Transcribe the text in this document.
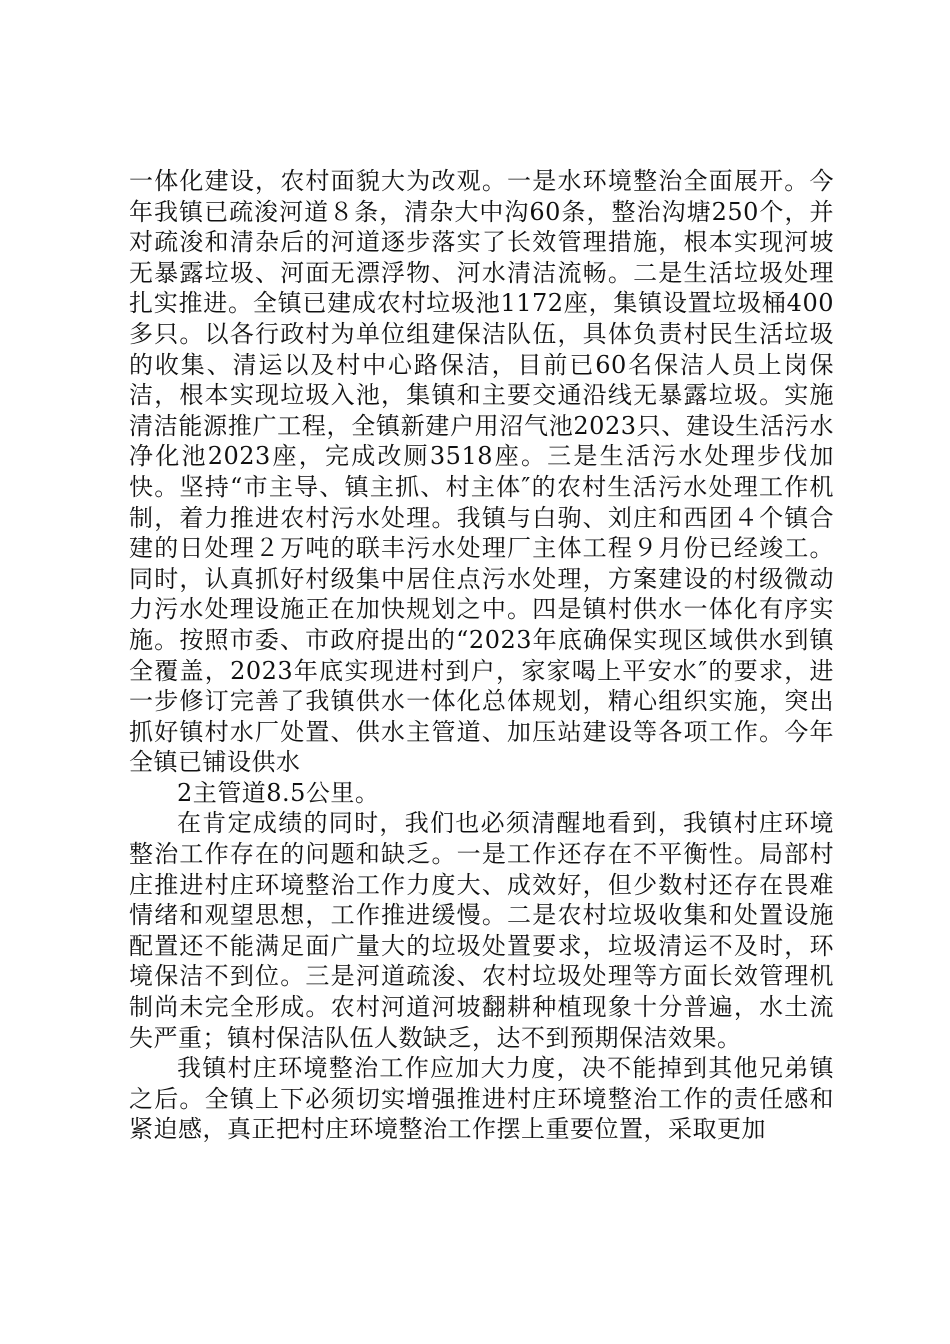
一体化建设，农村面貌大为改观。一是水环境整治全面展开。今年我镇已疏浚河道８条，清杂大中沟60条，整治沟塘250个，并对疏浚和清杂后的河道逐步落实了长效管理措施，根本实现河坡无暴露垃圾、河面无漂浮物、河水清洁流畅。二是生活垃圾处理扎实推进。全镇已建成农村垃圾池1172座，集镇设置垃圾桶400多只。以各行政村为单位组建保洁队伍，具体负责村民生活垃圾的收集、清运以及村中心路保洁，目前已60名保洁人员上岗保洁，根本实现垃圾入池，集镇和主要交通沿线无暴露垃圾。实施清洁能源推广工程，全镇新建户用沼气池2023只、建设生活污水净化池2023座，完成改厕3518座。三是生活污水处理步伐加快。坚持“市主导、镇主抓、村主体″的农村生活污水处理工作机制，着力推进农村污水处理。我镇与白驹、刘庄和西团４个镇合建的日处理２万吨的联丰污水处理厂主体工程９月份已经竣工。同时，认真抓好村级集中居住点污水处理，方案建设的村级微动力污水处理设施正在加快规划之中。四是镇村供水一体化有序实施。按照市委、市政府提出的“2023年底确保实现区域供水到镇全覆盖，2023年底实现进村到户，家家喝上平安水″的要求，进一步修订完善了我镇供水一体化总体规划，精心组织实施，突出抓好镇村水厂处置、供水主管道、加压站建设等各项工作。今年全镇已铺设供水

2主管道8.5公里。

在肯定成绩的同时，我们也必须清醒地看到，我镇村庄环境整治工作存在的问题和缺乏。一是工作还存在不平衡性。局部村庄推进村庄环境整治工作力度大、成效好，但少数村还存在畏难情绪和观望思想，工作推进缓慢。二是农村垃圾收集和处置设施配置还不能满足面广量大的垃圾处置要求，垃圾清运不及时，环境保洁不到位。三是河道疏浚、农村垃圾处理等方面长效管理机制尚未完全形成。农村河道河坡翻耕种植现象十分普遍，水土流失严重；镇村保洁队伍人数缺乏，达不到预期保洁效果。

我镇村庄环境整治工作应加大力度，决不能掉到其他兄弟镇之后。全镇上下必须切实增强推进村庄环境整治工作的责任感和紧迫感，真正把村庄环境整治工作摆上重要位置，采取更加
